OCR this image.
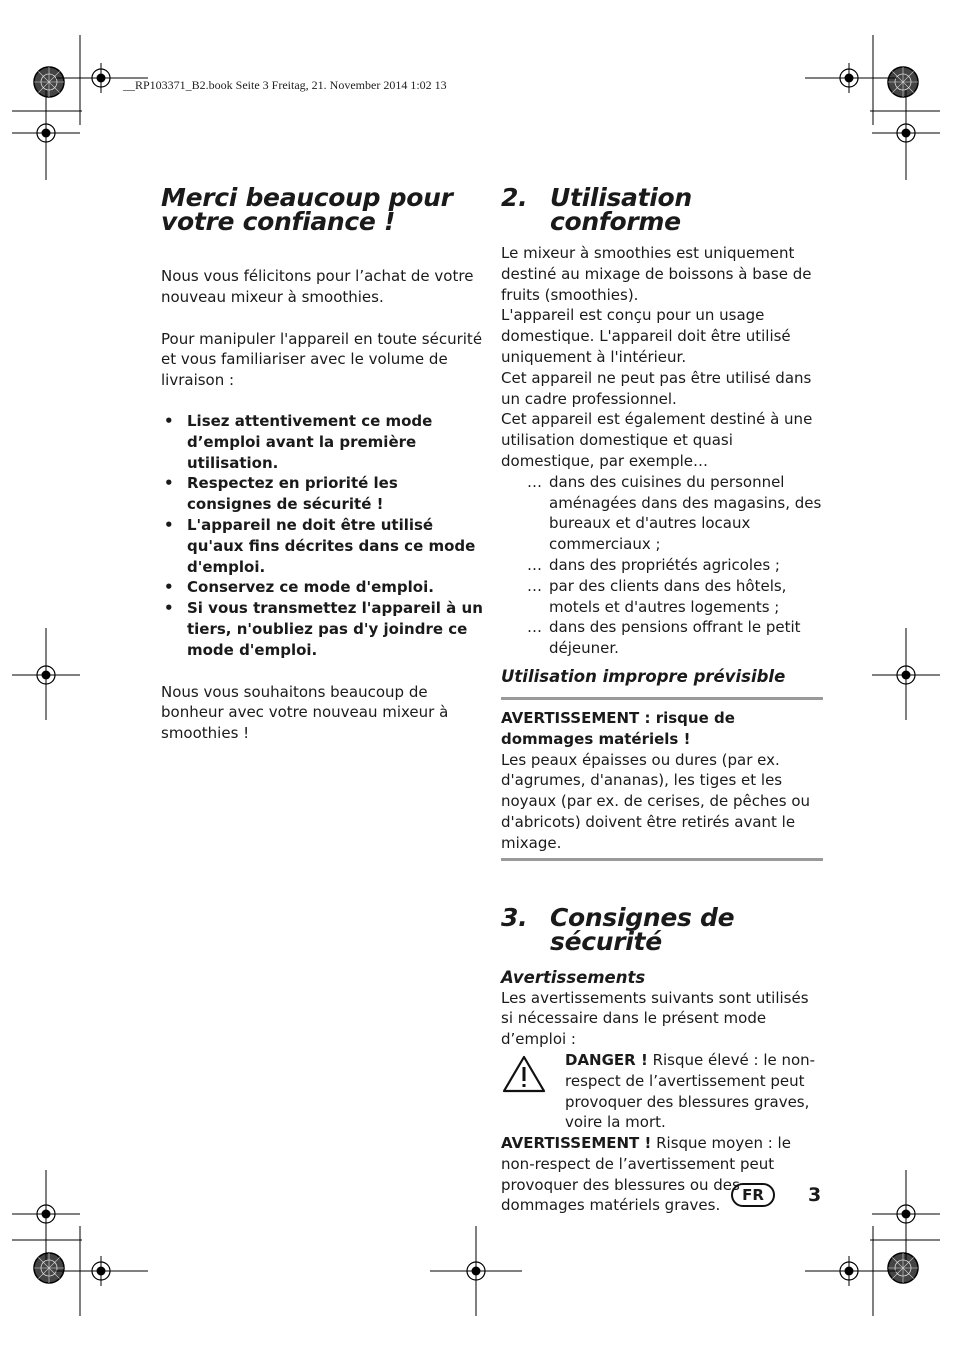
__RP103371_B2.book Seite 3 Freitag, 21. November 2014 1:02 13
Merci beaucoup pour votre confiance !

Nous vous félicitons pour l’achat de votre nouveau mixeur à smoothies.

Pour manipuler l'appareil en toute sécurité et vous familiariser avec le volume de livraison :

• Lisez attentivement ce mode d’emploi avant la première utilisation.
• Respectez en priorité les consignes de sécurité !
• L'appareil ne doit être utilisé qu'aux fins décrites dans ce mode d'emploi.
• Conservez ce mode d'emploi.
• Si vous transmettez l'appareil à un tiers, n'oubliez pas d'y joindre ce mode d'emploi.

Nous vous souhaitons beaucoup de bonheur avec votre nouveau mixeur à smoothies !

2. Utilisation conforme

Le mixeur à smoothies est uniquement destiné au mixage de boissons à base de fruits (smoothies).

L'appareil est conçu pour un usage domestique. L'appareil doit être utilisé uniquement à l'intérieur.

Cet appareil ne peut pas être utilisé dans un cadre professionnel.

Cet appareil est également destiné à une utilisation domestique et quasi domestique, par exemple…

… dans des cuisines du personnel aménagées dans des magasins, des bureaux et d'autres locaux commerciaux ;
… dans des propriétés agricoles ;
… par des clients dans des hôtels, motels et d'autres logements ;
… dans des pensions offrant le petit déjeuner.
Utilisation impropre prévisible

AVERTISSEMENT : risque de dommages matériels !

Les peaux épaisses ou dures (par ex. d'agrumes, d'ananas), les tiges et les noyaux (par ex. de cerises, de pêches ou d'abricots) doivent être retirés avant le mixage.

3. Consignes de sécurité
Avertissements

Les avertissements suivants sont utilisés si nécessaire dans le présent mode d’emploi :

DANGER ! Risque élevé : le non-respect de l’avertissement peut provoquer des blessures graves, voire la mort.

AVERTISSEMENT ! Risque moyen : le non-respect de l’avertissement peut provoquer des blessures ou des dommages matériels graves.

FR	3
